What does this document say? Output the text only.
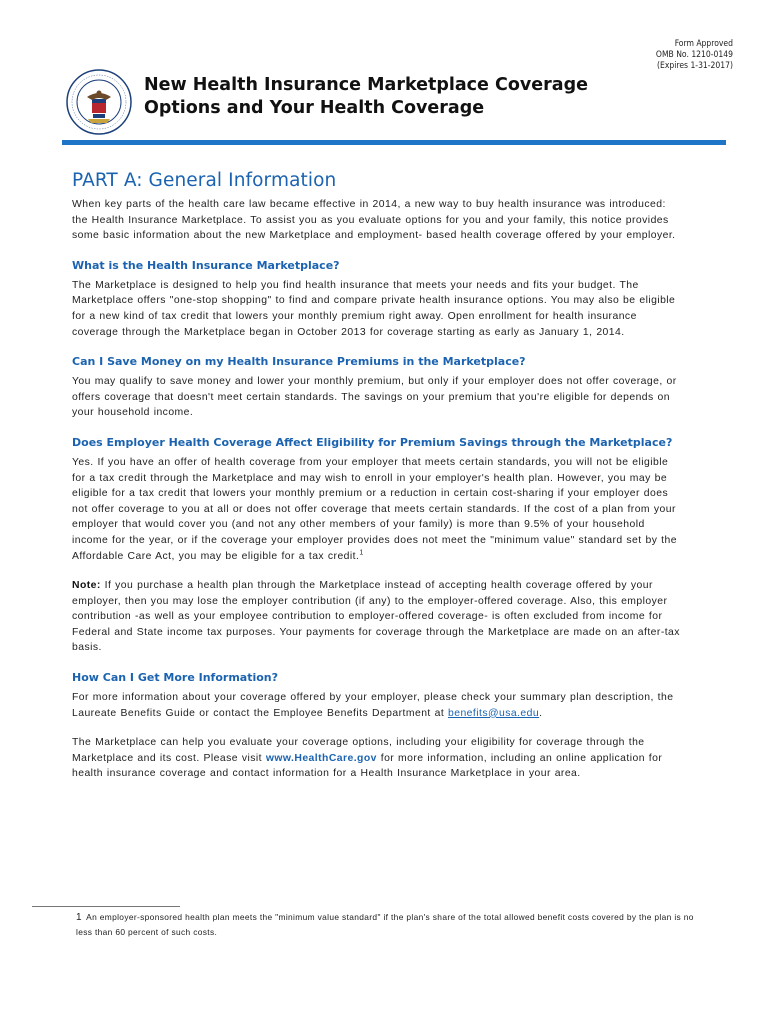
Form Approved
OMB No. 1210-0149
(Expires 1-31-2017)
New Health Insurance Marketplace Coverage
Options and Your Health Coverage
PART A: General Information

When key parts of the health care law became effective in 2014, a new way to buy health insurance was introduced: the Health Insurance Marketplace. To assist you as you evaluate options for you and your family, this notice provides some basic information about the new Marketplace and employment- based health coverage offered by your employer.

What is the Health Insurance Marketplace?

The Marketplace is designed to help you find health insurance that meets your needs and fits your budget. The Marketplace offers "one-stop shopping" to find and compare private health insurance options. You may also be eligible for a new kind of tax credit that lowers your monthly premium right away. Open enrollment for health insurance coverage through the Marketplace began in October 2013 for coverage starting as early as January 1, 2014.

Can I Save Money on my Health Insurance Premiums in the Marketplace?

You may qualify to save money and lower your monthly premium, but only if your employer does not offer coverage, or offers coverage that doesn't meet certain standards. The savings on your premium that you're eligible for depends on your household income.

Does Employer Health Coverage Affect Eligibility for Premium Savings through the Marketplace?

Yes. If you have an offer of health coverage from your employer that meets certain standards, you will not be eligible for a tax credit through the Marketplace and may wish to enroll in your employer's health plan. However, you may be eligible for a tax credit that lowers your monthly premium or a reduction in certain cost-sharing if your employer does not offer coverage to you at all or does not offer coverage that meets certain standards. If the cost of a plan from your employer that would cover you (and not any other members of your family) is more than 9.5% of your household income for the year, or if the coverage your employer provides does not meet the "minimum value" standard set by the Affordable Care Act, you may be eligible for a tax credit.$^1$

Note: If you purchase a health plan through the Marketplace instead of accepting health coverage offered by your employer, then you may lose the employer contribution (if any) to the employer-offered coverage. Also, this employer contribution -as well as your employee contribution to employer-offered coverage- is often excluded from income for Federal and State income tax purposes. Your payments for coverage through the Marketplace are made on an after-tax basis.

How Can I Get More Information?

For more information about your coverage offered by your employer, please check your summary plan description, the Laureate Benefits Guide or contact the Employee Benefits Department at benefits@usa.edu.

The Marketplace can help you evaluate your coverage options, including your eligibility for coverage through the Marketplace and its cost. Please visit www.HealthCare.gov for more information, including an online application for health insurance coverage and contact information for a Health Insurance Marketplace in your area.

1 An employer-sponsored health plan meets the "minimum value standard" if the plan's share of the total allowed benefit costs covered by the plan is no less than 60 percent of such costs.
